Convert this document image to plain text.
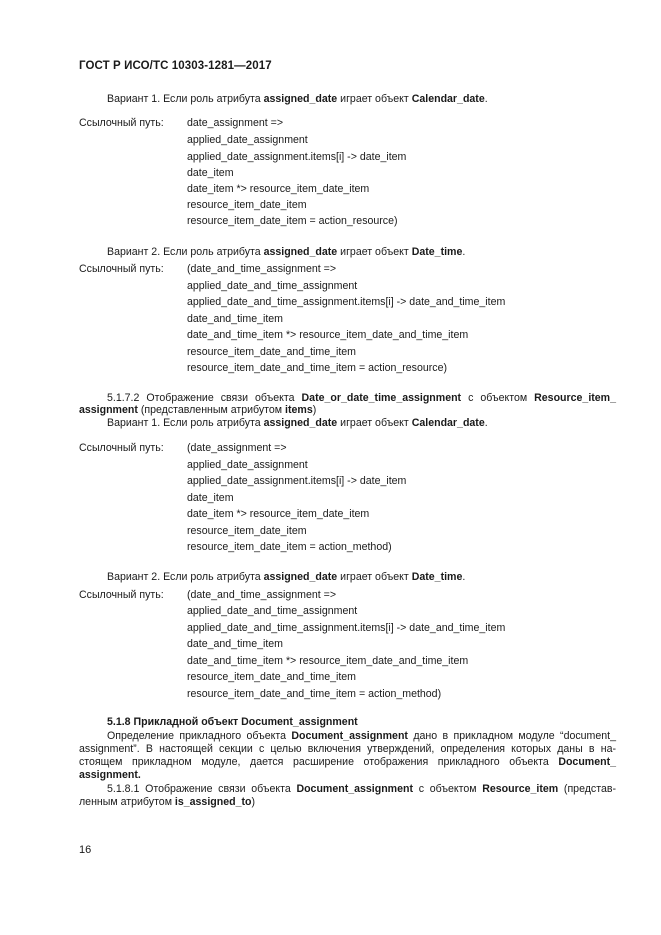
ГОСТ Р ИСО/ТС 10303-1281—2017
Вариант 1. Если роль атрибута assigned_date играет объект Calendar_date.
Ссылочный путь: date_assignment =>
applied_date_assignment
applied_date_assignment.items[i] -> date_item
date_item
date_item *> resource_item_date_item
resource_item_date_item
resource_item_date_item = action_resource)
Вариант 2. Если роль атрибута assigned_date играет объект Date_time.
Ссылочный путь: (date_and_time_assignment =>
applied_date_and_time_assignment
applied_date_and_time_assignment.items[i] -> date_and_time_item
date_and_time_item
date_and_time_item *> resource_item_date_and_time_item
resource_item_date_and_time_item
resource_item_date_and_time_item = action_resource)
5.1.7.2 Отображение связи объекта Date_or_date_time_assignment с объектом Resource_item_
assignment (представленным атрибутом items)
Вариант 1. Если роль атрибута assigned_date играет объект Calendar_date.
Ссылочный путь: (date_assignment =>
applied_date_assignment
applied_date_assignment.items[i] -> date_item
date_item
date_item *> resource_item_date_item
resource_item_date_item
resource_item_date_item = action_method)
Вариант 2. Если роль атрибута assigned_date играет объект Date_time.
Ссылочный путь: (date_and_time_assignment =>
applied_date_and_time_assignment
applied_date_and_time_assignment.items[i] -> date_and_time_item
date_and_time_item
date_and_time_item *> resource_item_date_and_time_item
resource_item_date_and_time_item
resource_item_date_and_time_item = action_method)
5.1.8 Прикладной объект Document_assignment
Определение прикладного объекта Document_assignment дано в прикладном модуле “document_
assignment”. В настоящей секции с целью включения утверждений, определения которых даны в на-
стоящем прикладном модуле, дается расширение отображения прикладного объекта Document_
assignment.
5.1.8.1 Отображение связи объекта Document_assignment с объектом Resource_item (представ-
ленным атрибутом is_assigned_to)
16
